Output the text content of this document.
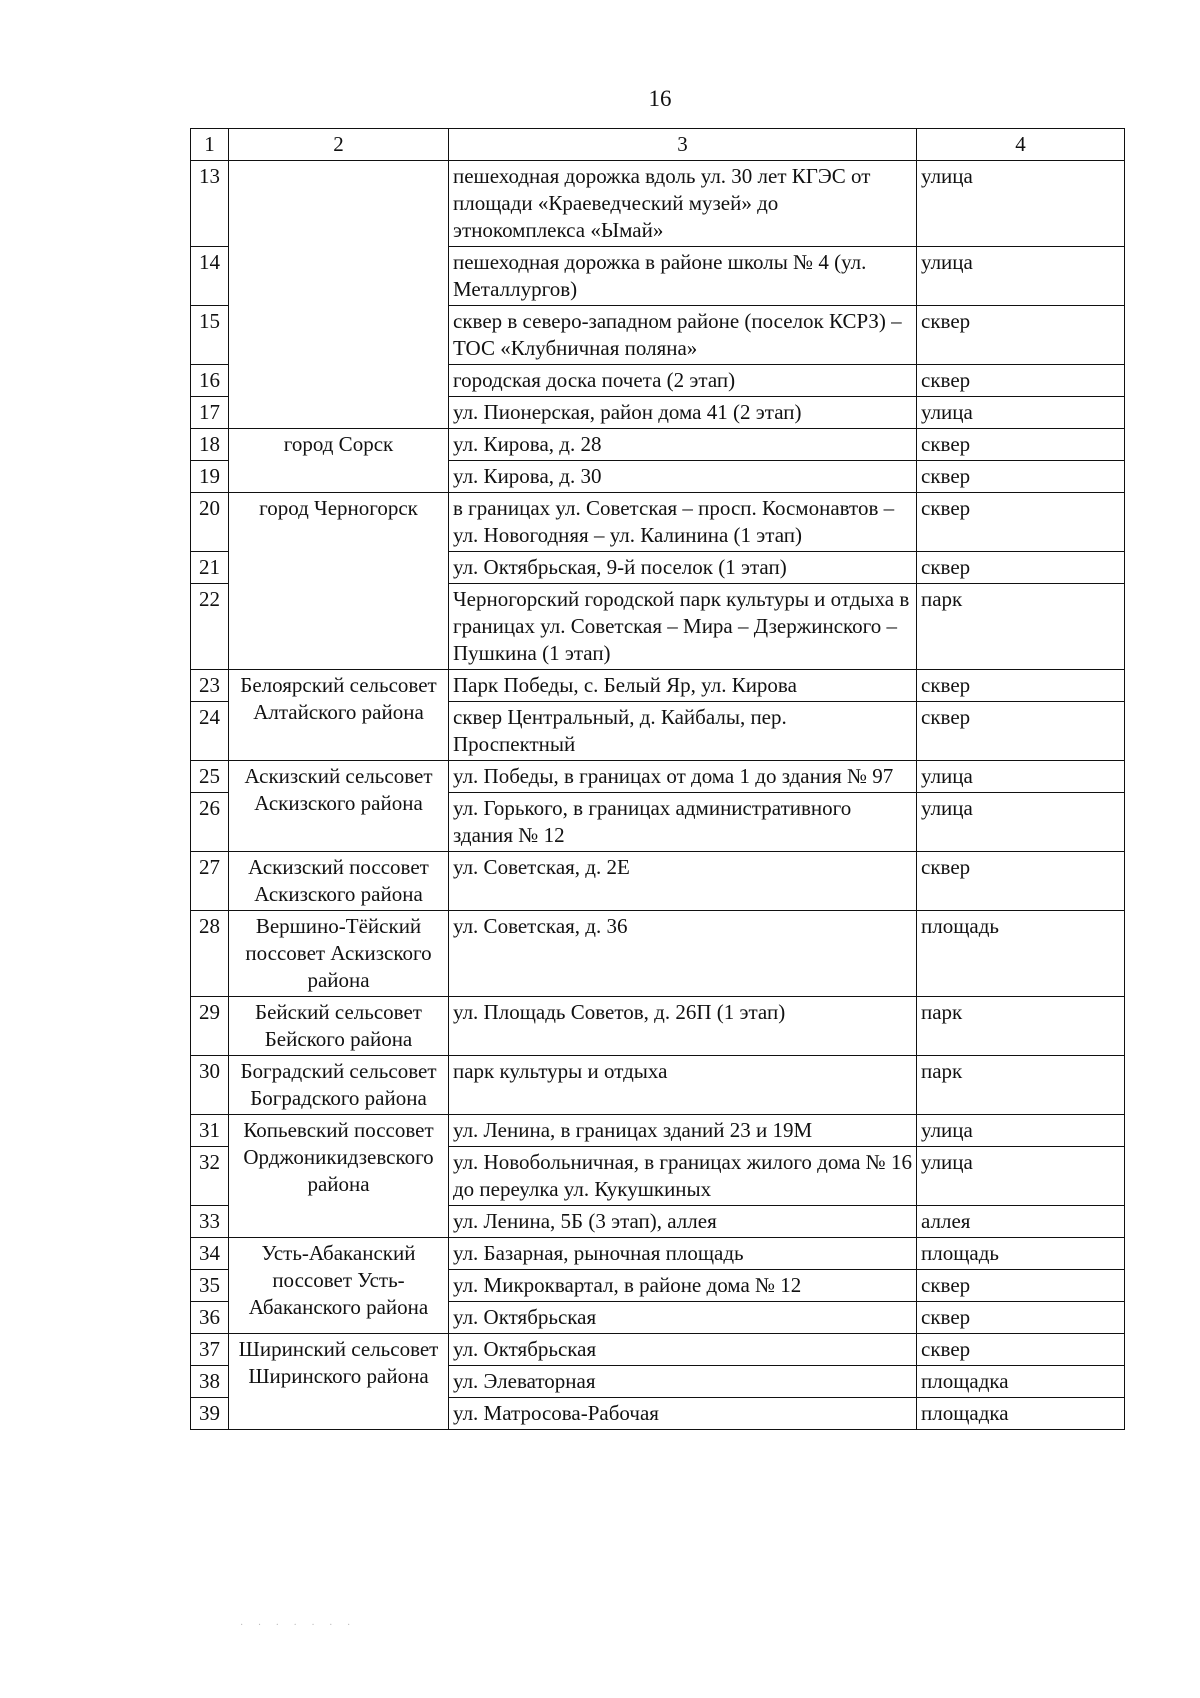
16
1	2	3	4
13		пешеходная дорожка вдоль ул. 30 лет КГЭС от площади «Краеведческий музей» до этнокомплекса «Ымай»	улица
14		пешеходная дорожка в районе школы № 4 (ул. Металлургов)	улица
15		сквер в северо-западном районе (поселок КСРЗ) – ТОС «Клубничная поляна»	сквер
16		городская доска почета (2 этап)	сквер
17		ул. Пионерская, район дома 41 (2 этап)	улица
18	город Сорск	ул. Кирова, д. 28	сквер
19		ул. Кирова, д. 30	сквер
20	город Черногорск	в границах ул. Советская – просп. Космонавтов – ул. Новогодняя – ул. Калинина (1 этап)	сквер
21		ул. Октябрьская, 9-й поселок (1 этап)	сквер
22		Черногорский городской парк культуры и отдыха в границах ул. Советская – Мира – Дзержинского – Пушкина (1 этап)	парк
23	Белоярский сельсовет Алтайского района	Парк Победы, с. Белый Яр, ул. Кирова	сквер
24		сквер Центральный, д. Кайбалы, пер. Проспектный	сквер
25	Аскизский сельсовет Аскизского района	ул. Победы, в границах от дома 1 до здания № 97	улица
26		ул. Горького, в границах административного здания № 12	улица
27	Аскизский поссовет Аскизского района	ул. Советская, д. 2Е	сквер
28	Вершино-Тёйский поссовет Аскизского района	ул. Советская, д. 36	площадь
29	Бейский сельсовет Бейского района	ул. Площадь Советов, д. 26П (1 этап)	парк
30	Боградский сельсовет Боградского района	парк культуры и отдыха	парк
31	Копьевский поссовет Орджоникидзевского района	ул. Ленина, в границах зданий 23 и 19М	улица
32		ул. Новобольничная, в границах жилого дома № 16 до переулка ул. Кукушкиных	улица
33		ул. Ленина, 5Б (3 этап), аллея	аллея
34	Усть-Абаканский поссовет Усть-Абаканского района	ул. Базарная, рыночная площадь	площадь
35		ул. Микроквартал, в районе дома № 12	сквер
36		ул. Октябрьская	сквер
37	Ширинский сельсовет Ширинского района	ул. Октябрьская	сквер
38		ул. Элеваторная	площадка
39		ул. Матросова-Рабочая	площадка
· · · · · · ·
